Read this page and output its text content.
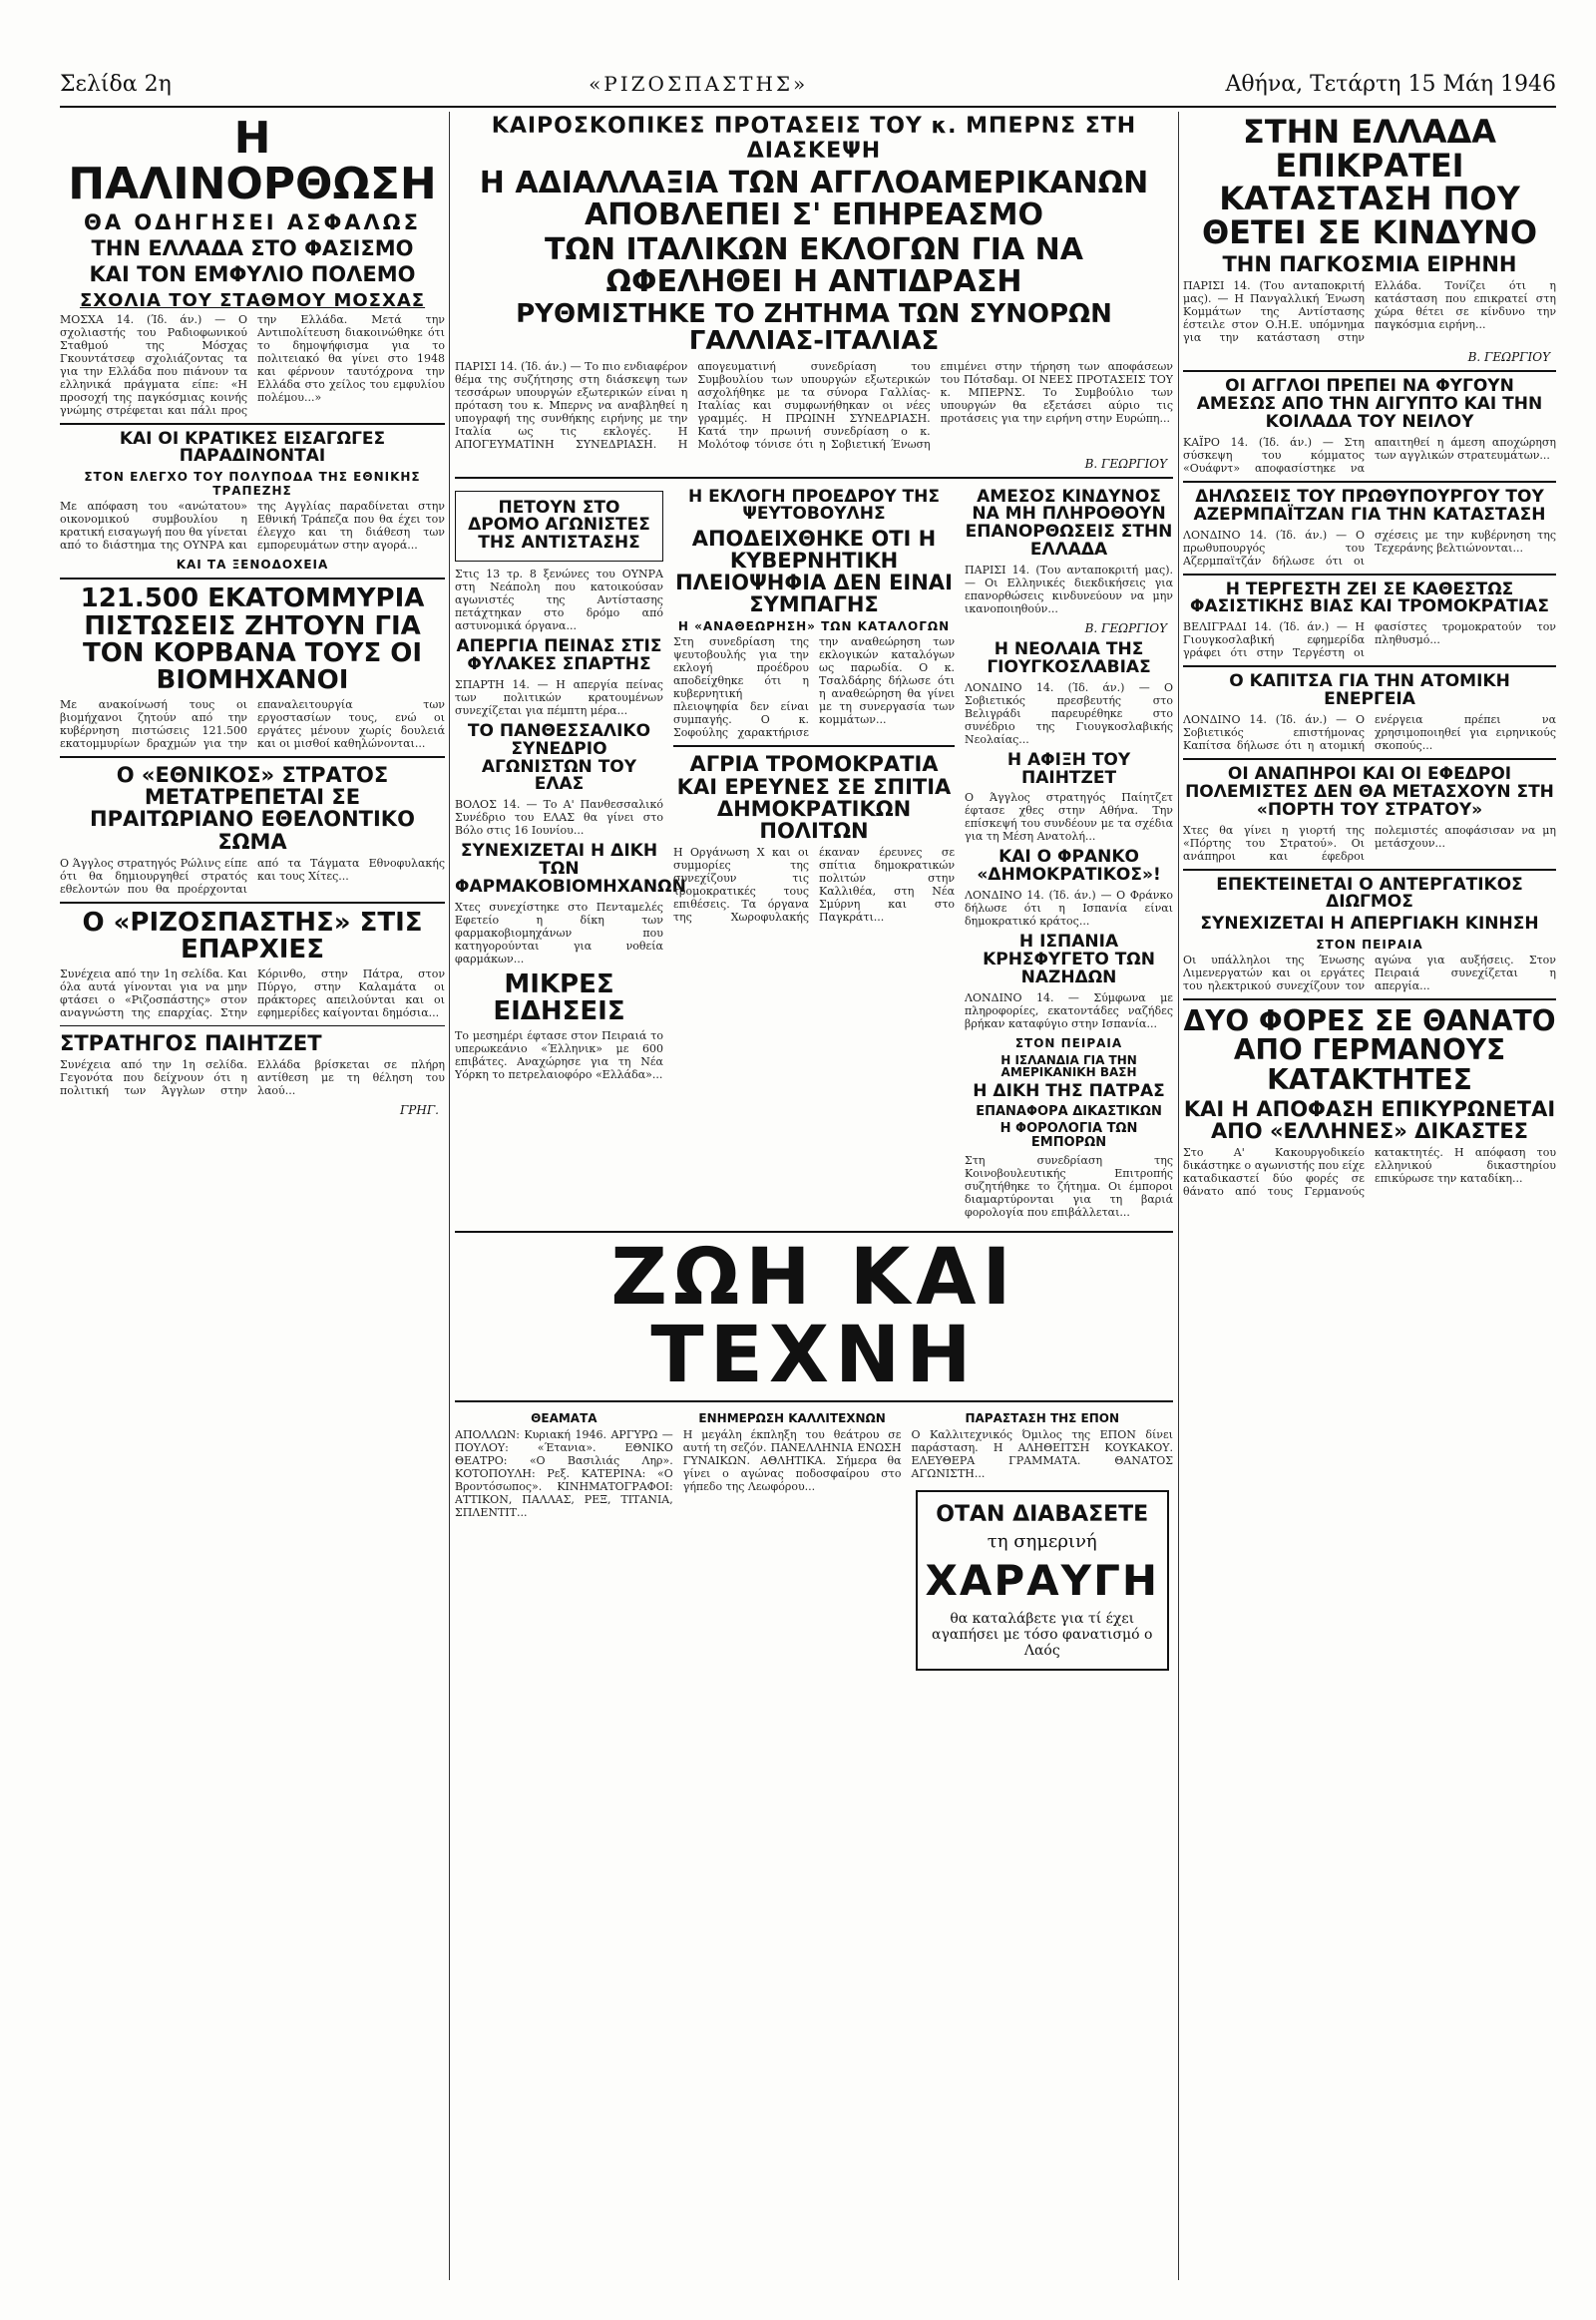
Σελίδα 2η	«ΡΙΖΟΣΠΑΣΤΗΣ»	Αθήνα, Τετάρτη 15 Μάη 1946
Η ΠΑΛΙΝΟΡΘΩΣΗ
ΘΑ ΟΔΗΓΗΣΕΙ ΑΣΦΑΛΩΣ
ΤΗΝ ΕΛΛΑΔΑ ΣΤΟ ΦΑΣΙΣΜΟ
ΚΑΙ ΤΟΝ ΕΜΦΥΛΙΟ ΠΟΛΕΜΟ
ΣΧΟΛΙΑ ΤΟΥ ΣΤΑΘΜΟΥ ΜΟΣΧΑΣ
ΜΟΣΧΑ 14. (Ίδ. άν.) — Ο σχολιαστής του Ραδιοφωνικού Σταθμού της Μόσχας Γκουντάτσεφ σχολιάζοντας τα για την Ελλάδα που πιάνουν τα ελληνικά πράγματα είπε: «Η προσοχή της παγκόσμιας κοινής γνώμης στρέφεται και πάλι προς την Ελλάδα. Μετά την Αντιπολίτευση διακοινώθηκε ότι το δημοψήφισμα για το πολιτειακό θα γίνει στο 1948 και φέρνουν ταυτόχρονα την Ελλάδα στο χείλος του εμφυλίου πολέμου...»
ΚΑΙ ΟΙ ΚΡΑΤΙΚΕΣ ΕΙΣΑΓΩΓΕΣ ΠΑΡΑΔΙΝΟΝΤΑΙ
ΣΤΟΝ ΕΛΕΓΧΟ ΤΟΥ ΠΟΛΥΠΟΔΑ ΤΗΣ ΕΘΝΙΚΗΣ ΤΡΑΠΕΖΗΣ
Με απόφαση του «ανώτατου» οικονομικού συμβουλίου η κρατική εισαγωγή που θα γίνεται από το διάστημα της ΟΥΝΡΑ και της Αγγλίας παραδίνεται στην Εθνική Τράπεζα που θα έχει τον έλεγχο και τη διάθεση των εμπορευμάτων στην αγορά...
ΚΑΙ ΤΑ ΞΕΝΟΔΟΧΕΙΑ
121.500 ΕΚΑΤΟΜΜΥΡΙΑ ΠΙΣΤΩΣΕΙΣ ΖΗΤΟΥΝ ΓΙΑ ΤΟΝ ΚΟΡΒΑΝΑ ΤΟΥΣ ΟΙ ΒΙΟΜΗΧΑΝΟΙ
Με ανακοίνωσή τους οι βιομήχανοι ζητούν από την κυβέρνηση πιστώσεις 121.500 εκατομμυρίων δραχμών για την επαναλειτουργία των εργοστασίων τους, ενώ οι εργάτες μένουν χωρίς δουλειά και οι μισθοί καθηλώνονται...
Ο «ΕΘΝΙΚΟΣ» ΣΤΡΑΤΟΣ ΜΕΤΑΤΡΕΠΕΤΑΙ ΣΕ ΠΡΑΙΤΩΡΙΑΝΟ ΕΘΕΛΟΝΤΙΚΟ ΣΩΜΑ
Ο Άγγλος στρατηγός Ρώλινς είπε ότι θα δημιουργηθεί στρατός εθελοντών που θα προέρχονται από τα Τάγματα Εθνοφυλακής και τους Χίτες...
Ο «ΡΙΖΟΣΠΑΣΤΗΣ» ΣΤΙΣ ΕΠΑΡΧΙΕΣ
Συνέχεια από την 1η σελίδα. Και όλα αυτά γίνονται για να μην φτάσει ο «Ριζοσπάστης» στον αναγνώστη της επαρχίας. Στην Κόρινθο, στην Πάτρα, στον Πύργο, στην Καλαμάτα οι πράκτορες απειλούνται και οι εφημερίδες καίγονται δημόσια...
ΣΤΡΑΤΗΓΟΣ ΠΑΙΗΤΖΕΤ
Συνέχεια από την 1η σελίδα. Γεγονότα που δείχνουν ότι η πολιτική των Άγγλων στην Ελλάδα βρίσκεται σε πλήρη αντίθεση με τη θέληση του λαού...
ΓΡΗΓ.
ΚΑΙΡΟΣΚΟΠΙΚΕΣ ΠΡΟΤΑΣΕΙΣ ΤΟΥ κ. ΜΠΕΡΝΣ ΣΤΗ ΔΙΑΣΚΕΨΗ
Η ΑΔΙΑΛΛΑΞΙΑ ΤΩΝ ΑΓΓΛΟΑΜΕΡΙΚΑΝΩΝ ΑΠΟΒΛΕΠΕΙ Σ' ΕΠΗΡΕΑΣΜΟ
ΤΩΝ ΙΤΑΛΙΚΩΝ ΕΚΛΟΓΩΝ ΓΙΑ ΝΑ ΩΦΕΛΗΘΕΙ Η ΑΝΤΙΔΡΑΣΗ
ΡΥΘΜΙΣΤΗΚΕ ΤΟ ΖΗΤΗΜΑ ΤΩΝ ΣΥΝΟΡΩΝ ΓΑΛΛΙΑΣ-ΙΤΑΛΙΑΣ
ΠΑΡΙΣΙ 14. (Ίδ. άν.) — Το πιο ενδιαφέρον θέμα της συζήτησης στη διάσκεψη των τεσσάρων υπουργών εξωτερικών είναι η πρόταση του κ. Μπερνς να αναβληθεί η υπογραφή της συνθήκης ειρήνης με την Ιταλία ως τις εκλογές. Η ΑΠΟΓΕΥΜΑΤΙΝΗ ΣΥΝΕΔΡΙΑΣΗ. Η απογευματινή συνεδρίαση του Συμβουλίου των υπουργών εξωτερικών ασχολήθηκε με τα σύνορα Γαλλίας-Ιταλίας και συμφωνήθηκαν οι νέες γραμμές. Η ΠΡΩΙΝΗ ΣΥΝΕΔΡΙΑΣΗ. Κατά την πρωινή συνεδρίαση ο κ. Μολότοφ τόνισε ότι η Σοβιετική Ένωση επιμένει στην τήρηση των αποφάσεων του Πότσδαμ. ΟΙ ΝΕΕΣ ΠΡΟΤΑΣΕΙΣ ΤΟΥ κ. ΜΠΕΡΝΣ. Το Συμβούλιο των υπουργών θα εξετάσει αύριο τις προτάσεις για την ειρήνη στην Ευρώπη...
Β. ΓΕΩΡΓΙΟΥ
ΠΕΤΟΥΝ ΣΤΟ ΔΡΟΜΟ ΑΓΩΝΙΣΤΕΣ ΤΗΣ ΑΝΤΙΣΤΑΣΗΣ
Στις 13 τρ. 8 ξενώνες του ΟΥΝΡΑ στη Νεάπολη που κατοικούσαν αγωνιστές της Αντίστασης πετάχτηκαν στο δρόμο από αστυνομικά όργανα...
ΑΠΕΡΓΙΑ ΠΕΙΝΑΣ ΣΤΙΣ ΦΥΛΑΚΕΣ ΣΠΑΡΤΗΣ
ΣΠΑΡΤΗ 14. — Η απεργία πείνας των πολιτικών κρατουμένων συνεχίζεται για πέμπτη μέρα...
ΤΟ ΠΑΝΘΕΣΣΑΛΙΚΟ ΣΥΝΕΔΡΙΟ ΑΓΩΝΙΣΤΩΝ ΤΟΥ ΕΛΑΣ
ΒΟΛΟΣ 14. — Το Α' Πανθεσσαλικό Συνέδριο του ΕΛΑΣ θα γίνει στο Βόλο στις 16 Ιουνίου...
ΣΥΝΕΧΙΖΕΤΑΙ Η ΔΙΚΗ ΤΩΝ ΦΑΡΜΑΚΟΒΙΟΜΗΧΑΝΩΝ
Χτες συνεχίστηκε στο Πενταμελές Εφετείο η δίκη των φαρμακοβιομηχάνων που κατηγορούνται για νοθεία φαρμάκων...
ΜΙΚΡΕΣ ΕΙΔΗΣΕΙΣ
Το μεσημέρι έφτασε στον Πειραιά το υπερωκεάνιο «Έλληνικ» με 600 επιβάτες. Αναχώρησε για τη Νέα Υόρκη το πετρελαιοφόρο «Ελλάδα»...
Η ΕΚΛΟΓΗ ΠΡΟΕΔΡΟΥ ΤΗΣ ΨΕΥΤΟΒΟΥΛΗΣ
ΑΠΟΔΕΙΧΘΗΚΕ ΟΤΙ Η ΚΥΒΕΡΝΗΤΙΚΗ ΠΛΕΙΟΨΗΦΙΑ ΔΕΝ ΕΙΝΑΙ ΣΥΜΠΑΓΗΣ
Η «ΑΝΑΘΕΩΡΗΣΗ» ΤΩΝ ΚΑΤΑΛΟΓΩΝ
Στη συνεδρίαση της ψευτοβουλής για την εκλογή προέδρου αποδείχθηκε ότι η κυβερνητική πλειοψηφία δεν είναι συμπαγής. Ο κ. Σοφούλης χαρακτήρισε την αναθεώρηση των εκλογικών καταλόγων ως παρωδία. Ο κ. Τσαλδάρης δήλωσε ότι η αναθεώρηση θα γίνει με τη συνεργασία των κομμάτων...
ΑΓΡΙΑ ΤΡΟΜΟΚΡΑΤΙΑ ΚΑΙ ΕΡΕΥΝΕΣ ΣΕ ΣΠΙΤΙΑ ΔΗΜΟΚΡΑΤΙΚΩΝ ΠΟΛΙΤΩΝ
Η Οργάνωση Χ και οι συμμορίες της συνεχίζουν τις τρομοκρατικές τους επιθέσεις. Τα όργανα της Χωροφυλακής έκαναν έρευνες σε σπίτια δημοκρατικών πολιτών στην Καλλιθέα, στη Νέα Σμύρνη και στο Παγκράτι...
ΑΜΕΣΟΣ ΚΙΝΔΥΝΟΣ ΝΑ ΜΗ ΠΛΗΡΟΘΟΥΝ ΕΠΑΝΟΡΘΩΣΕΙΣ ΣΤΗΝ ΕΛΛΑΔΑ
ΠΑΡΙΣΙ 14. (Του ανταποκριτή μας). — Οι Ελληνικές διεκδικήσεις για επανορθώσεις κινδυνεύουν να μην ικανοποιηθούν...
Β. ΓΕΩΡΓΙΟΥ
Η ΝΕΟΛΑΙΑ ΤΗΣ ΓΙΟΥΓΚΟΣΛΑΒΙΑΣ
ΛΟΝΔΙΝΟ 14. (Ίδ. άν.) — Ο Σοβιετικός πρεσβευτής στο Βελιγράδι παρευρέθηκε στο συνέδριο της Γιουγκοσλαβικής Νεολαίας...
Η ΑΦΙΞΗ ΤΟΥ ΠΑΙΗΤΖΕΤ
Ο Άγγλος στρατηγός Παίητζετ έφτασε χθες στην Αθήνα. Την επίσκεψή του συνδέουν με τα σχέδια για τη Μέση Ανατολή...
ΚΑΙ Ο ΦΡΑΝΚΟ «ΔΗΜΟΚΡΑΤΙΚΟΣ»!
ΛΟΝΔΙΝΟ 14. (Ίδ. άν.) — Ο Φράνκο δήλωσε ότι η Ισπανία είναι δημοκρατικό κράτος...
Η ΙΣΠΑΝΙΑ ΚΡΗΣΦΥΓΕΤΟ ΤΩΝ ΝΑΖΗΔΩΝ
ΛΟΝΔΙΝΟ 14. — Σύμφωνα με πληροφορίες, εκατοντάδες ναζήδες βρήκαν καταφύγιο στην Ισπανία...
ΣΤΟΝ ΠΕΙΡΑΙΑ
Η ΙΣΛΑΝΔΙΑ ΓΙΑ ΤΗΝ ΑΜΕΡΙΚΑΝΙΚΗ ΒΑΣΗ
Η ΔΙΚΗ ΤΗΣ ΠΑΤΡΑΣ
ΕΠΑΝΑΦΟΡΑ ΔΙΚΑΣΤΙΚΩΝ
Η ΦΟΡΟΛΟΓΙΑ ΤΩΝ ΕΜΠΟΡΩΝ
Στη συνεδρίαση της Κοινοβουλευτικής Επιτροπής συζητήθηκε το ζήτημα. Οι έμποροι διαμαρτύρονται για τη βαριά φορολογία που επιβάλλεται...
ΖΩΗ ΚΑΙ ΤΕΧΝΗ
ΘΕΑΜΑΤΑ
ΑΠΟΛΛΩΝ: Κυριακή 1946. ΑΡΓΥΡΩ — ΠΟΥΛΟΥ: «Έτανια». ΕΘΝΙΚΟ ΘΕΑΤΡΟ: «Ο Βασιλιάς Ληρ». ΚΟΤΟΠΟΥΛΗ: Ρεξ. ΚΑΤΕΡΙΝΑ: «Ο Βροντόσωπος». ΚΙΝΗΜΑΤΟΓΡΑΦΟΙ: ΑΤΤΙΚΟΝ, ΠΑΛΛΑΣ, ΡΕΞ, ΤΙΤΑΝΙΑ, ΣΠΛΕΝΤΙΤ...
ΕΝΗΜΕΡΩΣΗ ΚΑΛΛΙΤΕΧΝΩΝ
Η μεγάλη έκπληξη του θεάτρου σε αυτή τη σεζόν. ΠΑΝΕΛΛΗΝΙΑ ΕΝΩΣΗ ΓΥΝΑΙΚΩΝ. ΑΘΛΗΤΙΚΑ. Σήμερα θα γίνει ο αγώνας ποδοσφαίρου στο γήπεδο της Λεωφόρου...
ΠΑΡΑΣΤΑΣΗ ΤΗΣ ΕΠΟΝ
Ο Καλλιτεχνικός Όμιλος της ΕΠΟΝ δίνει παράσταση. Η ΑΛΗΘΕΙΤΣΗ ΚΟΥΚΑΚΟΥ. ΕΛΕΥΘΕΡΑ ΓΡΑΜΜΑΤΑ. ΘΑΝΑΤΟΣ ΑΓΩΝΙΣΤΗ...
ΟΤΑΝ ΔΙΑΒΑΣΕΤΕ
τη σημερινή
ΧΑΡΑΥΓΗ
θα καταλάβετε για τί έχει αγαπήσει με τόσο φανατισμό ο Λαός
ΣΤΗΝ ΕΛΛΑΔΑ ΕΠΙΚΡΑΤΕΙ ΚΑΤΑΣΤΑΣΗ ΠΟΥ ΘΕΤΕΙ ΣΕ ΚΙΝΔΥΝΟ
ΤΗΝ ΠΑΓΚΟΣΜΙΑ ΕΙΡΗΝΗ
ΠΑΡΙΣΙ 14. (Του ανταποκριτή μας). — Η Πανγαλλική Ένωση Κομμάτων της Αντίστασης έστειλε στον Ο.Η.Ε. υπόμνημα για την κατάσταση στην Ελλάδα. Τονίζει ότι η κατάσταση που επικρατεί στη χώρα θέτει σε κίνδυνο την παγκόσμια ειρήνη...
Β. ΓΕΩΡΓΙΟΥ
ΟΙ ΑΓΓΛΟΙ ΠΡΕΠΕΙ ΝΑ ΦΥΓΟΥΝ ΑΜΕΣΩΣ ΑΠΟ ΤΗΝ ΑΙΓΥΠΤΟ ΚΑΙ ΤΗΝ ΚΟΙΛΑΔΑ ΤΟΥ ΝΕΙΛΟΥ
ΚΑΪΡΟ 14. (Ίδ. άν.) — Στη σύσκεψη του κόμματος «Ουάφντ» αποφασίστηκε να απαιτηθεί η άμεση αποχώρηση των αγγλικών στρατευμάτων...
ΔΗΛΩΣΕΙΣ ΤΟΥ ΠΡΩΘΥΠΟΥΡΓΟΥ ΤΟΥ ΑΖΕΡΜΠΑΪΤΖΑΝ ΓΙΑ ΤΗΝ ΚΑΤΑΣΤΑΣΗ
ΛΟΝΔΙΝΟ 14. (Ίδ. άν.) — Ο πρωθυπουργός του Αζερμπαϊτζάν δήλωσε ότι οι σχέσεις με την κυβέρνηση της Τεχεράνης βελτιώνονται...
Η ΤΕΡΓΕΣΤΗ ΖΕΙ ΣΕ ΚΑΘΕΣΤΩΣ ΦΑΣΙΣΤΙΚΗΣ ΒΙΑΣ ΚΑΙ ΤΡΟΜΟΚΡΑΤΙΑΣ
ΒΕΛΙΓΡΑΔΙ 14. (Ίδ. άν.) — Η Γιουγκοσλαβική εφημερίδα γράφει ότι στην Τεργέστη οι φασίστες τρομοκρατούν τον πληθυσμό...
Ο ΚΑΠΙΤΣΑ ΓΙΑ ΤΗΝ ΑΤΟΜΙΚΗ ΕΝΕΡΓΕΙΑ
ΛΟΝΔΙΝΟ 14. (Ίδ. άν.) — Ο Σοβιετικός επιστήμονας Καπίτσα δήλωσε ότι η ατομική ενέργεια πρέπει να χρησιμοποιηθεί για ειρηνικούς σκοπούς...
ΟΙ ΑΝΑΠΗΡΟΙ ΚΑΙ ΟΙ ΕΦΕΔΡΟΙ ΠΟΛΕΜΙΣΤΕΣ ΔΕΝ ΘΑ ΜΕΤΑΣΧΟΥΝ ΣΤΗ «ΠΟΡΤΗ ΤΟΥ ΣΤΡΑΤΟΥ»
Χτες θα γίνει η γιορτή της «Πόρτης του Στρατού». Οι ανάπηροι και έφεδροι πολεμιστές αποφάσισαν να μη μετάσχουν...
ΕΠΕΚΤΕΙΝΕΤΑΙ Ο ΑΝΤΕΡΓΑΤΙΚΟΣ ΔΙΩΓΜΟΣ
ΣΥΝΕΧΙΖΕΤΑΙ Η ΑΠΕΡΓΙΑΚΗ ΚΙΝΗΣΗ
ΣΤΟΝ ΠΕΙΡΑΙΑ
Οι υπάλληλοι της Ένωσης Λιμενεργατών και οι εργάτες του ηλεκτρικού συνεχίζουν τον αγώνα για αυξήσεις. Στον Πειραιά συνεχίζεται η απεργία...
ΔΥΟ ΦΟΡΕΣ ΣΕ ΘΑΝΑΤΟ ΑΠΟ ΓΕΡΜΑΝΟΥΣ ΚΑΤΑΚΤΗΤΕΣ
ΚΑΙ Η ΑΠΟΦΑΣΗ ΕΠΙΚΥΡΩΝΕΤΑΙ ΑΠΟ «ΕΛΛΗΝΕΣ» ΔΙΚΑΣΤΕΣ
Στο Α' Κακουργοδικείο δικάστηκε ο αγωνιστής που είχε καταδικαστεί δύο φορές σε θάνατο από τους Γερμανούς κατακτητές. Η απόφαση του ελληνικού δικαστηρίου επικύρωσε την καταδίκη...
